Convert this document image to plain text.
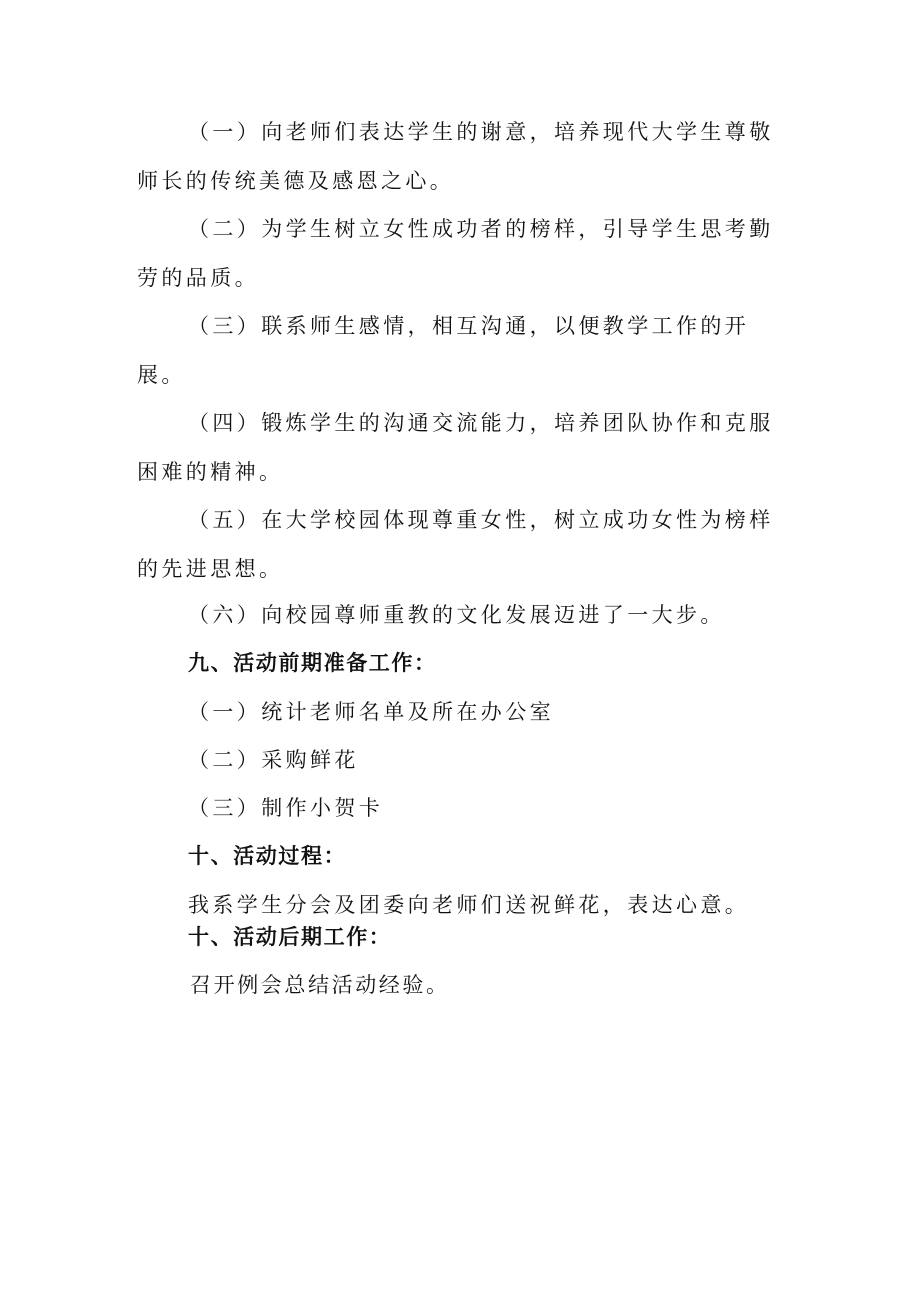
（一）向老师们表达学生的谢意，培养现代大学生尊敬
师长的传统美德及感恩之心。
（二）为学生树立女性成功者的榜样，引导学生思考勤
劳的品质。
（三）联系师生感情，相互沟通，以便教学工作的开
展。
（四）锻炼学生的沟通交流能力，培养团队协作和克服
困难的精神。
（五）在大学校园体现尊重女性，树立成功女性为榜样
的先进思想。
（六）向校园尊师重教的文化发展迈进了一大步。
九、活动前期准备工作：
（一）统计老师名单及所在办公室
（二）采购鲜花
（三）制作小贺卡
十、活动过程：
我系学生分会及团委向老师们送祝鲜花，表达心意。
十、活动后期工作：
召开例会总结活动经验。
